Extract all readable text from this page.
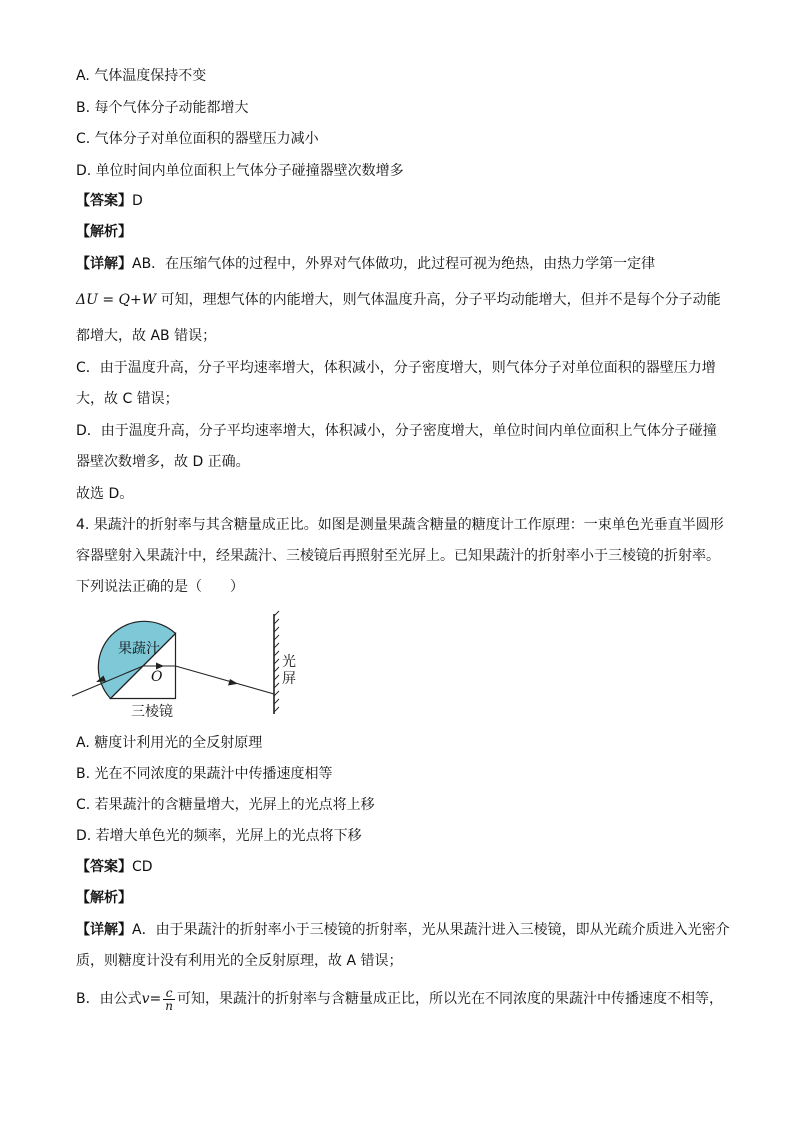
A. 气体温度保持不变
B. 每个气体分子动能都增大
C. 气体分子对单位面积的器壁压力减小
D. 单位时间内单位面积上气体分子碰撞器壁次数增多
【答案】D
【解析】
【详解】AB．在压缩气体的过程中，外界对气体做功，此过程可视为绝热，由热力学第一定律
ΔU = Q+W 可知，理想气体的内能增大，则气体温度升高，分子平均动能增大，但并不是每个分子动能
都增大，故 AB 错误；
C．由于温度升高，分子平均速率增大，体积减小，分子密度增大，则气体分子对单位面积的器壁压力增
大，故 C 错误；
D．由于温度升高，分子平均速率增大，体积减小，分子密度增大，单位时间内单位面积上气体分子碰撞
器壁次数增多，故 D 正确。
故选 D。
4. 果蔬汁的折射率与其含糖量成正比。如图是测量果蔬含糖量的糖度计工作原理：一束单色光垂直半圆形
容器壁射入果蔬汁中，经果蔬汁、三棱镜后再照射至光屏上。已知果蔬汁的折射率小于三棱镜的折射率。
下列说法正确的是（　　）
果蔬汁
O
三棱镜
光
屏
A. 糖度计利用光的全反射原理
B. 光在不同浓度的果蔬汁中传播速度相等
C. 若果蔬汁的含糖量增大，光屏上的光点将上移
D. 若增大单色光的频率，光屏上的光点将下移
【答案】CD
【解析】
【详解】A．由于果蔬汁的折射率小于三棱镜的折射率，光从果蔬汁进入三棱镜，即从光疏介质进入光密介
质，则糖度计没有利用光的全反射原理，故 A 错误；
B．由公式$v= \frac{c}{n}$ 可知，果蔬汁的折射率与含糖量成正比，所以光在不同浓度的果蔬汁中传播速度不相等，
